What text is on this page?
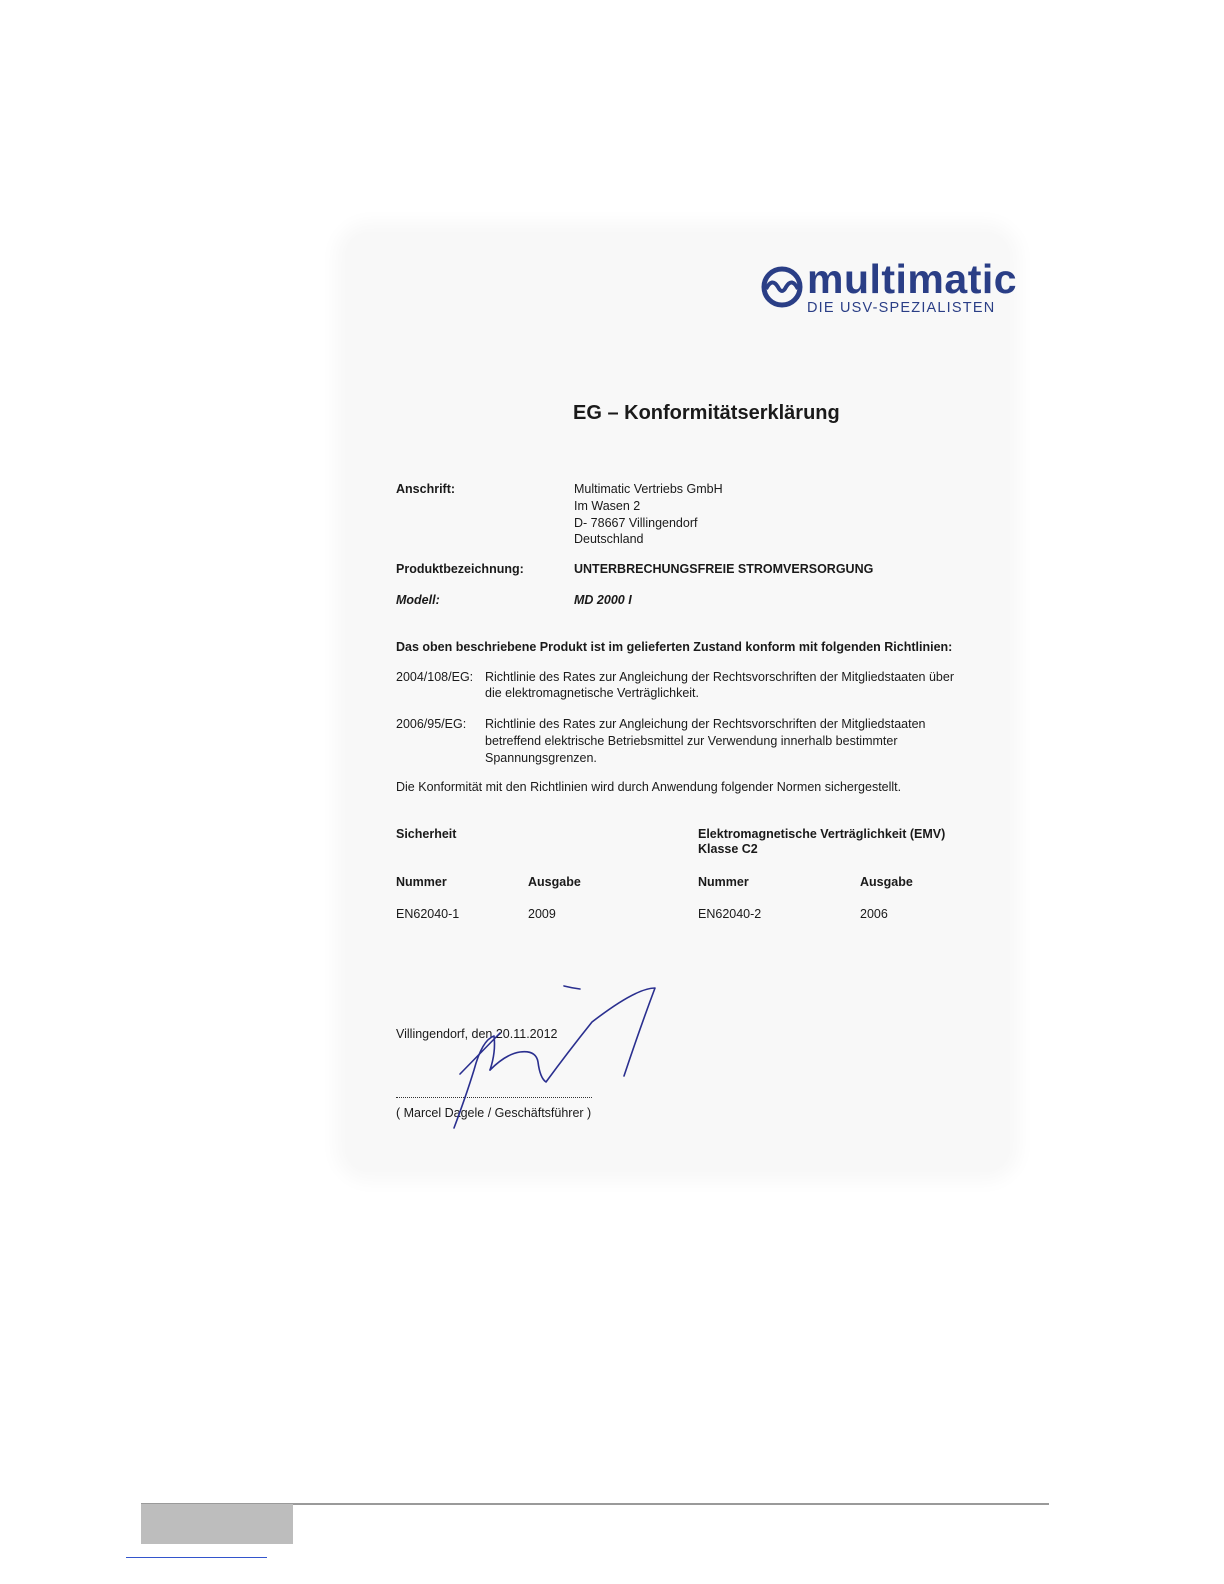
multimatic
DIE USV-SPEZIALISTEN
EG – Konformitätserklärung
Anschrift:	Multimatic Vertriebs GmbH
Im Wasen 2
D- 78667 Villingendorf
Deutschland
Produktbezeichnung:	UNTERBRECHUNGSFREIE STROMVERSORGUNG
Modell:	MD 2000 I
Das oben beschriebene Produkt ist im gelieferten Zustand konform mit folgenden Richtlinien:
2004/108/EG: Richtlinie des Rates zur Angleichung der Rechtsvorschriften der Mitgliedstaaten über
die elektromagnetische Verträglichkeit.
2006/95/EG: Richtlinie des Rates zur Angleichung der Rechtsvorschriften der Mitgliedstaaten
betreffend elektrische Betriebsmittel zur Verwendung innerhalb bestimmter
Spannungsgrenzen.
Die Konformität mit den Richtlinien wird durch Anwendung folgender Normen sichergestellt.
Sicherheit	Elektromagnetische Verträglichkeit (EMV)
Klasse C2
Nummer	Ausgabe	Nummer	Ausgabe
EN62040-1	2009	EN62040-2	2006
Villingendorf, den 20.11.2012
( Marcel Dagele / Geschäftsführer )
